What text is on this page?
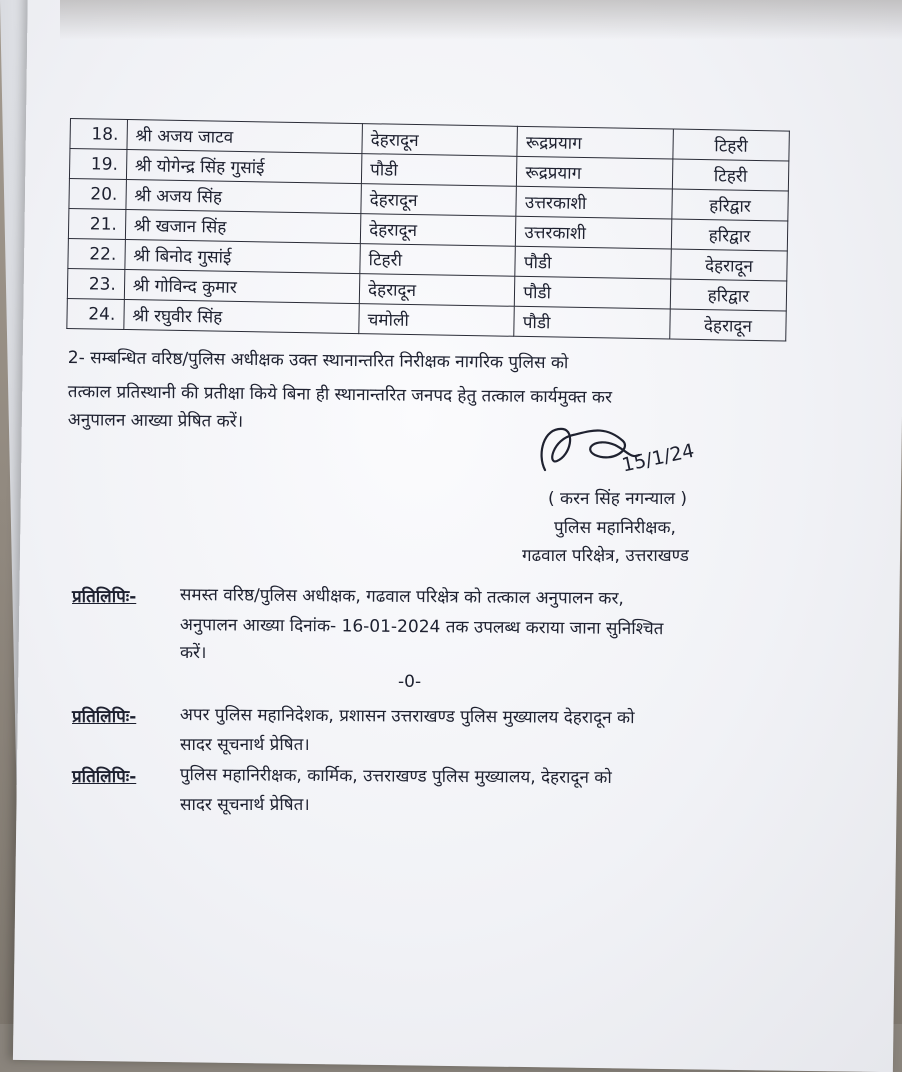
18.	श्री अजय जाटव	देहरादून	रूद्रप्रयाग	टिहरी
19.	श्री योगेन्द्र सिंह गुसांई	पौडी	रूद्रप्रयाग	टिहरी
20.	श्री अजय सिंह	देहरादून	उत्तरकाशी	हरिद्वार
21.	श्री खजान सिंह	देहरादून	उत्तरकाशी	हरिद्वार
22.	श्री बिनोद गुसांई	टिहरी	पौडी	देहरादून
23.	श्री गोविन्द कुमार	देहरादून	पौडी	हरिद्वार
24.	श्री रघुवीर सिंह	चमोली	पौडी	देहरादून
2- सम्बन्धित वरिष्ठ/पुलिस अधीक्षक उक्त स्थानान्तरित निरीक्षक नागरिक पुलिस को
तत्काल प्रतिस्थानी की प्रतीक्षा किये बिना ही स्थानान्तरित जनपद हेतु तत्काल कार्यमुक्त कर
अनुपालन आख्या प्रेषित करें।
15/1/24
( करन सिंह नगन्याल )
पुलिस महानिरीक्षक,
गढवाल परिक्षेत्र, उत्तराखण्ड
प्रतिलिपिः-	समस्त वरिष्ठ/पुलिस अधीक्षक, गढवाल परिक्षेत्र को तत्काल अनुपालन कर,
अनुपालन आख्या दिनांक- 16-01-2024 तक उपलब्ध कराया जाना सुनिश्चित
करें।
-0-
प्रतिलिपिः-	अपर पुलिस महानिदेशक, प्रशासन उत्तराखण्ड पुलिस मुख्यालय देहरादून को
सादर सूचनार्थ प्रेषित।
प्रतिलिपिः-	पुलिस महानिरीक्षक, कार्मिक, उत्तराखण्ड पुलिस मुख्यालय, देहरादून को
सादर सूचनार्थ प्रेषित।
